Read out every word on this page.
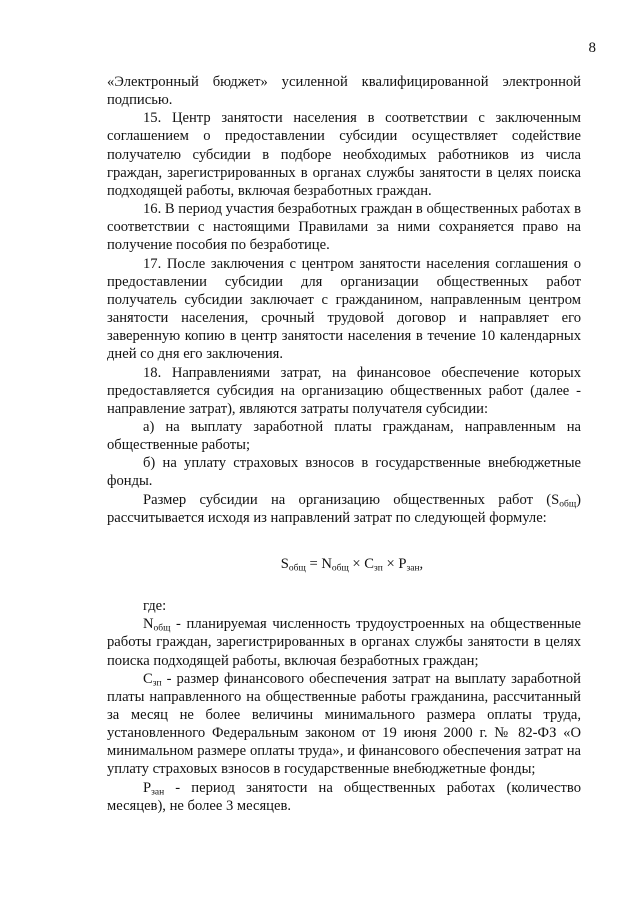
8

«Электронный бюджет» усиленной квалифицированной электронной подписью.

15. Центр занятости населения в соответствии с заключенным соглашением о предоставлении субсидии осуществляет содействие получателю субсидии в подборе необходимых работников из числа граждан, зарегистрированных в органах службы занятости в целях поиска подходящей работы, включая безработных граждан.

16. В период участия безработных граждан в общественных работах в соответствии с настоящими Правилами за ними сохраняется право на получение пособия по безработице.

17. После заключения с центром занятости населения соглашения о предоставлении субсидии для организации общественных работ получатель субсидии заключает с гражданином, направленным центром занятости населения, срочный трудовой договор и направляет его заверенную копию в центр занятости населения в течение 10 календарных дней со дня его заключения.

18. Направлениями затрат, на финансовое обеспечение которых предоставляется субсидия на организацию общественных работ (далее - направление затрат), являются затраты получателя субсидии:

а) на выплату заработной платы гражданам, направленным на общественные работы;

б) на уплату страховых взносов в государственные внебюджетные фонды.

Размер субсидии на организацию общественных работ $(S_{общ})$ рассчитывается исходя из направлений затрат по следующей формуле:

$S_{общ} = N_{общ} \times C_{зп} \times P_{зан}$,

где:

$N_{общ}$ - планируемая численность трудоустроенных на общественные работы граждан, зарегистрированных в органах службы занятости в целях поиска подходящей работы, включая безработных граждан;

$C_{зп}$ - размер финансового обеспечения затрат на выплату заработной платы направленного на общественные работы гражданина, рассчитанный за месяц не более величины минимального размера оплаты труда, установленного Федеральным законом от 19 июня 2000 г. № 82-ФЗ «О минимальном размере оплаты труда», и финансового обеспечения затрат на уплату страховых взносов в государственные внебюджетные фонды;

$P_{зан}$ - период занятости на общественных работах (количество месяцев), не более 3 месяцев.
